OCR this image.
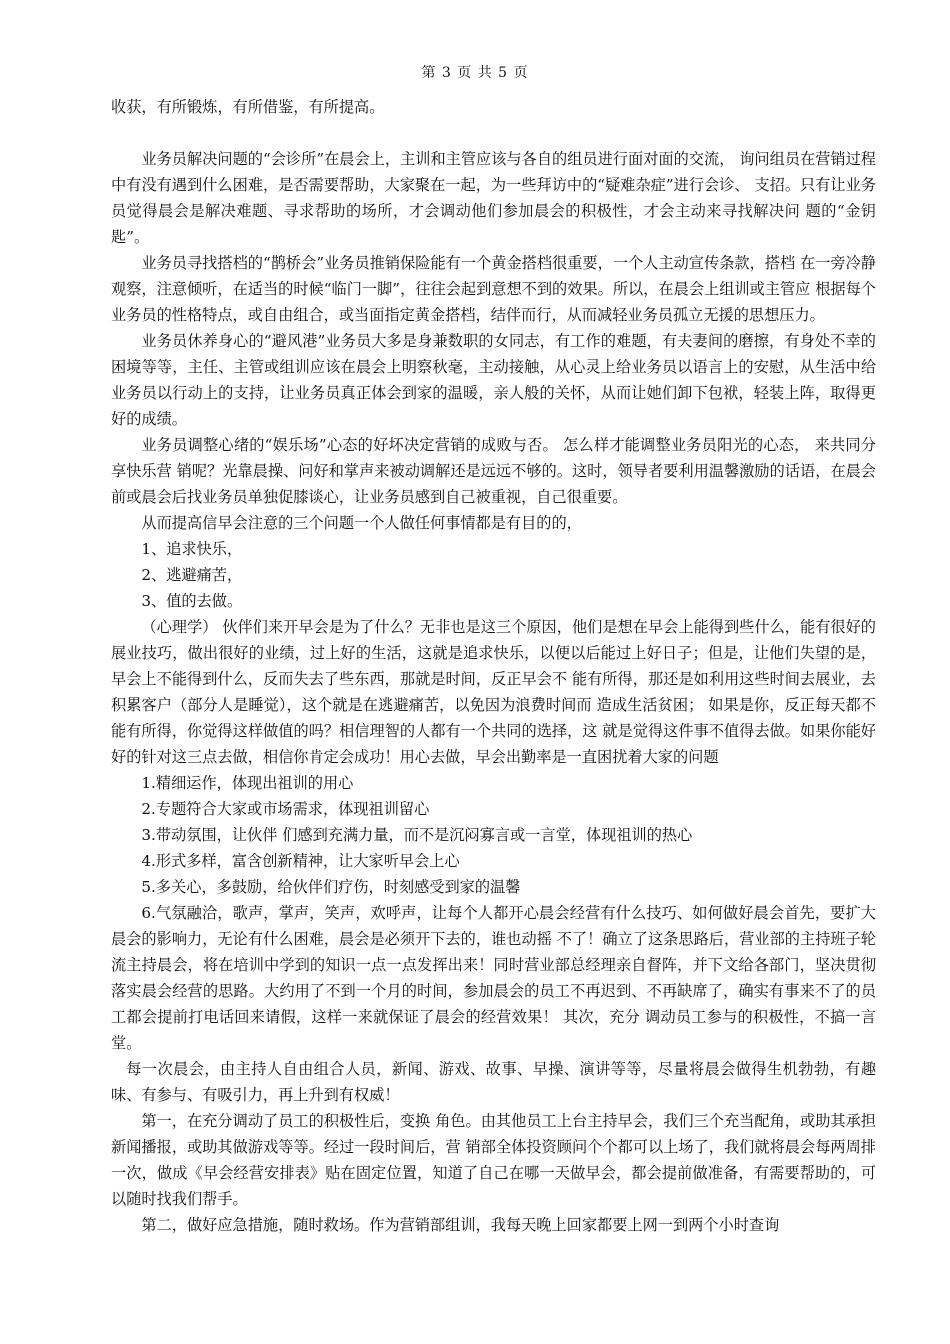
第 3 页 共 5 页

收获，有所锻炼，有所借鉴，有所提高。

业务员解决问题的“会诊所”在晨会上，主训和主管应该与各自的组员进行面对面的交流， 询问组员在营销过程中有没有遇到什么困难，是否需要帮助，大家聚在一起，为一些拜访中的“疑难杂症”进行会诊、 支招。只有让业务员觉得晨会是解决难题、寻求帮助的场所，才会调动他们参加晨会的积极性，才会主动来寻找解决问 题的“金钥匙”。

业务员寻找搭档的“鹊桥会”业务员推销保险能有一个黄金搭档很重要，一个人主动宣传条款，搭档 在一旁冷静观察，注意倾听，在适当的时候“临门一脚”，往往会起到意想不到的效果。所以，在晨会上组训或主管应 根据每个业务员的性格特点，或自由组合，或当面指定黄金搭档，结伴而行，从而减轻业务员孤立无援的思想压力。

业务员休养身心的“避风港”业务员大多是身兼数职的女同志，有工作的难题，有夫妻间的磨擦，有身处不幸的困境等等，主任、主管或组训应该在晨会上明察秋毫，主动接触，从心灵上给业务员以语言上的安慰，从生活中给业务员以行动上的支持，让业务员真正体会到家的温暖，亲人般的关怀，从而让她们卸下包袱，轻装上阵，取得更好的成绩。

业务员调整心绪的“娱乐场”心态的好坏决定营销的成败与否。 怎么样才能调整业务员阳光的心态， 来共同分享快乐营 销呢？光靠晨操、问好和掌声来被动调解还是远远不够的。这时，领导者要利用温馨激励的话语，在晨会前或晨会后找业务员单独促膝谈心，让业务员感到自己被重视，自己很重要。

从而提高信早会注意的三个问题一个人做任何事情都是有目的的，

1、追求快乐，

2、逃避痛苦，

3、值的去做。

（心理学） 伙伴们来开早会是为了什么？无非也是这三个原因，他们是想在早会上能得到些什么，能有很好的展业技巧，做出很好的业绩，过上好的生活，这就是追求快乐，以便以后能过上好日子；但是，让他们失望的是，早会上不能得到什么，反而失去了些东西，那就是时间，反正早会不 能有所得，那还是如利用这些时间去展业，去积累客户（部分人是睡觉），这个就是在逃避痛苦，以免因为浪费时间而 造成生活贫困； 如果是你，反正每天都不能有所得，你觉得这样做值的吗？相信理智的人都有一个共同的选择，这 就是觉得这件事不值得去做。如果你能好好的针对这三点去做，相信你肯定会成功！用心去做，早会出勤率是一直困扰着大家的问题

1.精细运作，体现出祖训的用心

2.专题符合大家或市场需求，体现祖训留心

3.带动氛围，让伙伴 们感到充满力量，而不是沉闷寡言或一言堂，体现祖训的热心

4.形式多样，富含创新精神，让大家听早会上心

5.多关心，多鼓励，给伙伴们疗伤，时刻感受到家的温馨

6.气氛融洽，歌声，掌声，笑声，欢呼声，让每个人都开心晨会经营有什么技巧、如何做好晨会首先，要扩大晨会的影响力，无论有什么困难，晨会是必须开下去的，谁也动摇 不了！确立了这条思路后，营业部的主持班子轮流主持晨会，将在培训中学到的知识一点一点发挥出来！同时营业部总经理亲自督阵，并下文给各部门，坚决贯彻落实晨会经营的思路。大约用了不到一个月的时间，参加晨会的员工不再迟到、不再缺席了，确实有事来不了的员工都会提前打电话回来请假，这样一来就保证了晨会的经营效果！ 其次，充分 调动员工参与的积极性，不搞一言堂。

每一次晨会，由主持人自由组合人员，新闻、游戏、故事、早操、演讲等等，尽量将晨会做得生机勃勃，有趣味、有参与、有吸引力，再上升到有权威！

第一，在充分调动了员工的积极性后，变换 角色。由其他员工上台主持早会，我们三个充当配角，或助其承担新闻播报，或助其做游戏等等。经过一段时间后，营 销部全体投资顾问个个都可以上场了，我们就将晨会每两周排一次，做成《早会经营安排表》贴在固定位置，知道了自己在哪一天做早会，都会提前做准备，有需要帮助的，可以随时找我们帮手。

第二，做好应急措施，随时救场。作为营销部组训，我每天晚上回家都要上网一到两个小时查询
